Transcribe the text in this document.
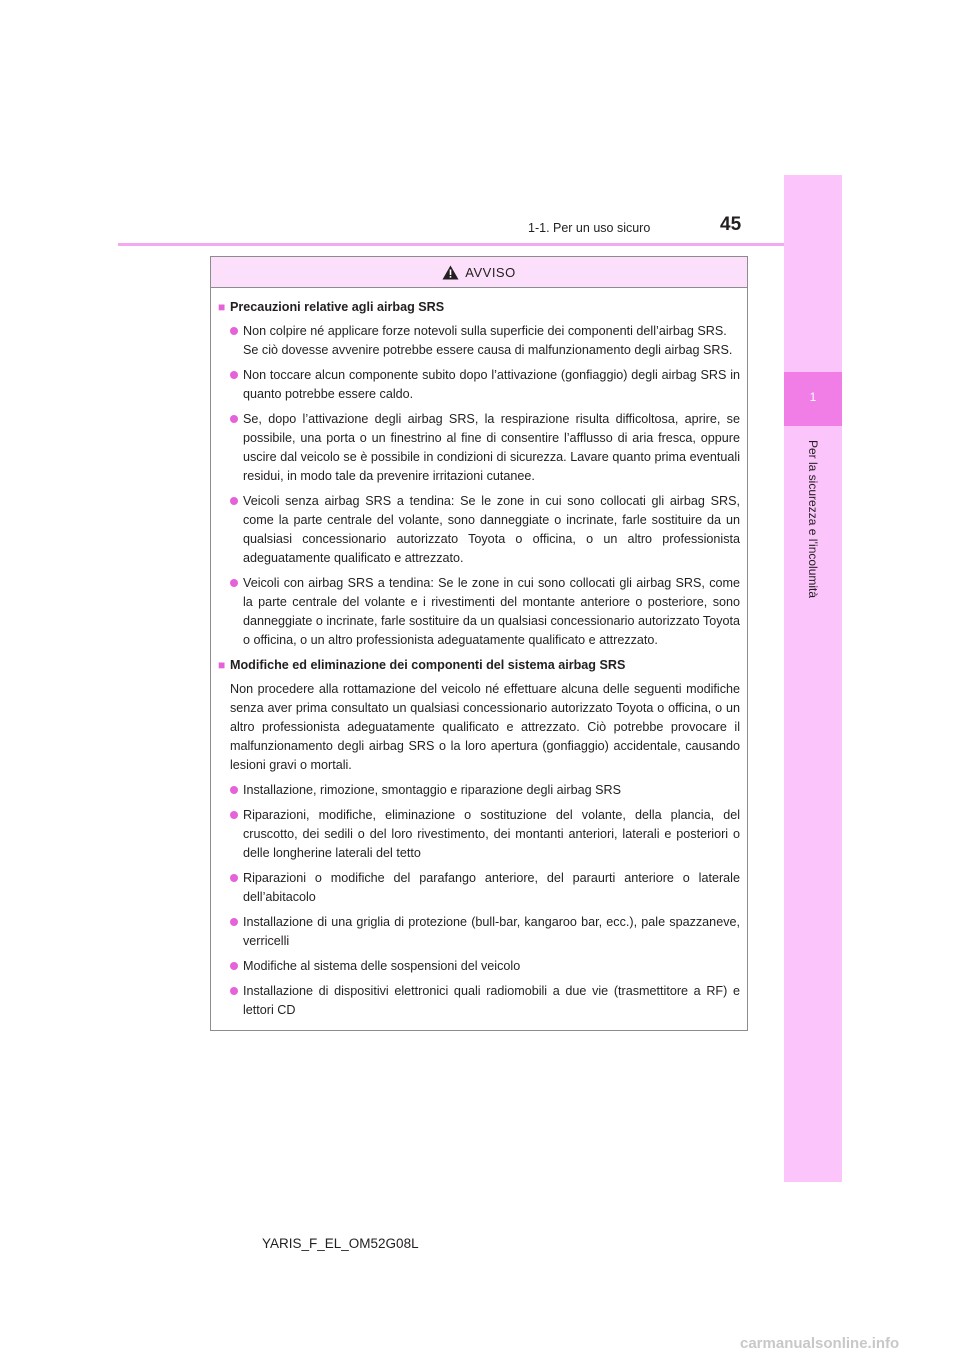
1-1. Per un uso sicuro	45
1
Per la sicurezza e l’incolumità
AVVISO
■ Precauzioni relative agli airbag SRS
Non colpire né applicare forze notevoli sulla superficie dei componenti dell’airbag SRS.
Se ciò dovesse avvenire potrebbe essere causa di malfunzionamento degli airbag SRS.
Non toccare alcun componente subito dopo l’attivazione (gonfiaggio) degli airbag SRS in quanto potrebbe essere caldo.
Se, dopo l’attivazione degli airbag SRS, la respirazione risulta difficoltosa, aprire, se possibile, una porta o un finestrino al fine di consentire l’afflusso di aria fresca, oppure uscire dal veicolo se è possibile in condizioni di sicurezza. Lavare quanto prima eventuali residui, in modo tale da prevenire irritazioni cutanee.
Veicoli senza airbag SRS a tendina: Se le zone in cui sono collocati gli airbag SRS, come la parte centrale del volante, sono danneggiate o incrinate, farle sostituire da un qualsiasi concessionario autorizzato Toyota o officina, o un altro professionista adeguatamente qualificato e attrezzato.
Veicoli con airbag SRS a tendina: Se le zone in cui sono collocati gli airbag SRS, come la parte centrale del volante e i rivestimenti del montante anteriore o posteriore, sono danneggiate o incrinate, farle sostituire da un qualsiasi concessionario autorizzato Toyota o officina, o un altro professionista adeguatamente qualificato e attrezzato.
■ Modifiche ed eliminazione dei componenti del sistema airbag SRS
Non procedere alla rottamazione del veicolo né effettuare alcuna delle seguenti modifiche senza aver prima consultato un qualsiasi concessionario autorizzato Toyota o officina, o un altro professionista adeguatamente qualificato e attrezzato. Ciò potrebbe provocare il malfunzionamento degli airbag SRS o la loro apertura (gonfiaggio) accidentale, causando lesioni gravi o mortali.
Installazione, rimozione, smontaggio e riparazione degli airbag SRS
Riparazioni, modifiche, eliminazione o sostituzione del volante, della plancia, del cruscotto, dei sedili o del loro rivestimento, dei montanti anteriori, laterali e posteriori o delle longherine laterali del tetto
Riparazioni o modifiche del parafango anteriore, del paraurti anteriore o laterale dell’abitacolo
Installazione di una griglia di protezione (bull-bar, kangaroo bar, ecc.), pale spazzaneve, verricelli
Modifiche al sistema delle sospensioni del veicolo
Installazione di dispositivi elettronici quali radiomobili a due vie (trasmettitore a RF) e lettori CD
YARIS_F_EL_OM52G08L
carmanualsonline.info
